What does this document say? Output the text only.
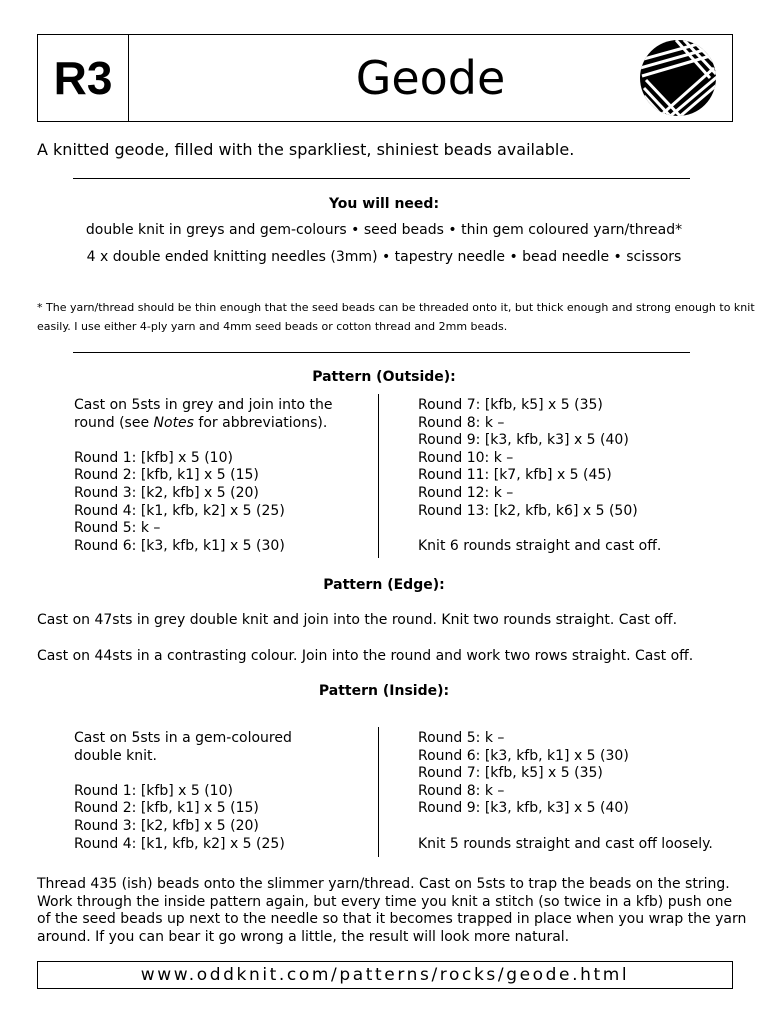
R3	Geode
A knitted geode, filled with the sparkliest, shiniest beads available.
You will need:
double knit in greys and gem-colours • seed beads • thin gem coloured yarn/thread*
4 x double ended knitting needles (3mm) • tapestry needle • bead needle • scissors
* The yarn/thread should be thin enough that the seed beads can be threaded onto it, but thick enough and strong enough to knit
easily. I use either 4-ply yarn and 4mm seed beads or cotton thread and 2mm beads.
Pattern (Outside):
Cast on 5sts in grey and join into the
round (see Notes for abbreviations).
Round 1: [kfb] x 5 (10)
Round 2: [kfb, k1] x 5 (15)
Round 3: [k2, kfb] x 5 (20)
Round 4: [k1, kfb, k2] x 5 (25)
Round 5: k –
Round 6: [k3, kfb, k1] x 5 (30)
Round 7: [kfb, k5] x 5 (35)
Round 8: k –
Round 9: [k3, kfb, k3] x 5 (40)
Round 10: k –
Round 11: [k7, kfb] x 5 (45)
Round 12: k –
Round 13: [k2, kfb, k6] x 5 (50)
Knit 6 rounds straight and cast off.
Pattern (Edge):
Cast on 47sts in grey double knit and join into the round. Knit two rounds straight. Cast off.
Cast on 44sts in a contrasting colour. Join into the round and work two rows straight. Cast off.
Pattern (Inside):
Cast on 5sts in a gem-coloured
double knit.
Round 1: [kfb] x 5 (10)
Round 2: [kfb, k1] x 5 (15)
Round 3: [k2, kfb] x 5 (20)
Round 4: [k1, kfb, k2] x 5 (25)
Round 5: k –
Round 6: [k3, kfb, k1] x 5 (30)
Round 7: [kfb, k5] x 5 (35)
Round 8: k –
Round 9: [k3, kfb, k3] x 5 (40)
Knit 5 rounds straight and cast off loosely.
Thread 435 (ish) beads onto the slimmer yarn/thread. Cast on 5sts to trap the beads on the string.
Work through the inside pattern again, but every time you knit a stitch (so twice in a kfb) push one
of the seed beads up next to the needle so that it becomes trapped in place when you wrap the yarn
around. If you can bear it go wrong a little, the result will look more natural.
www.oddknit.com/patterns/rocks/geode.html
